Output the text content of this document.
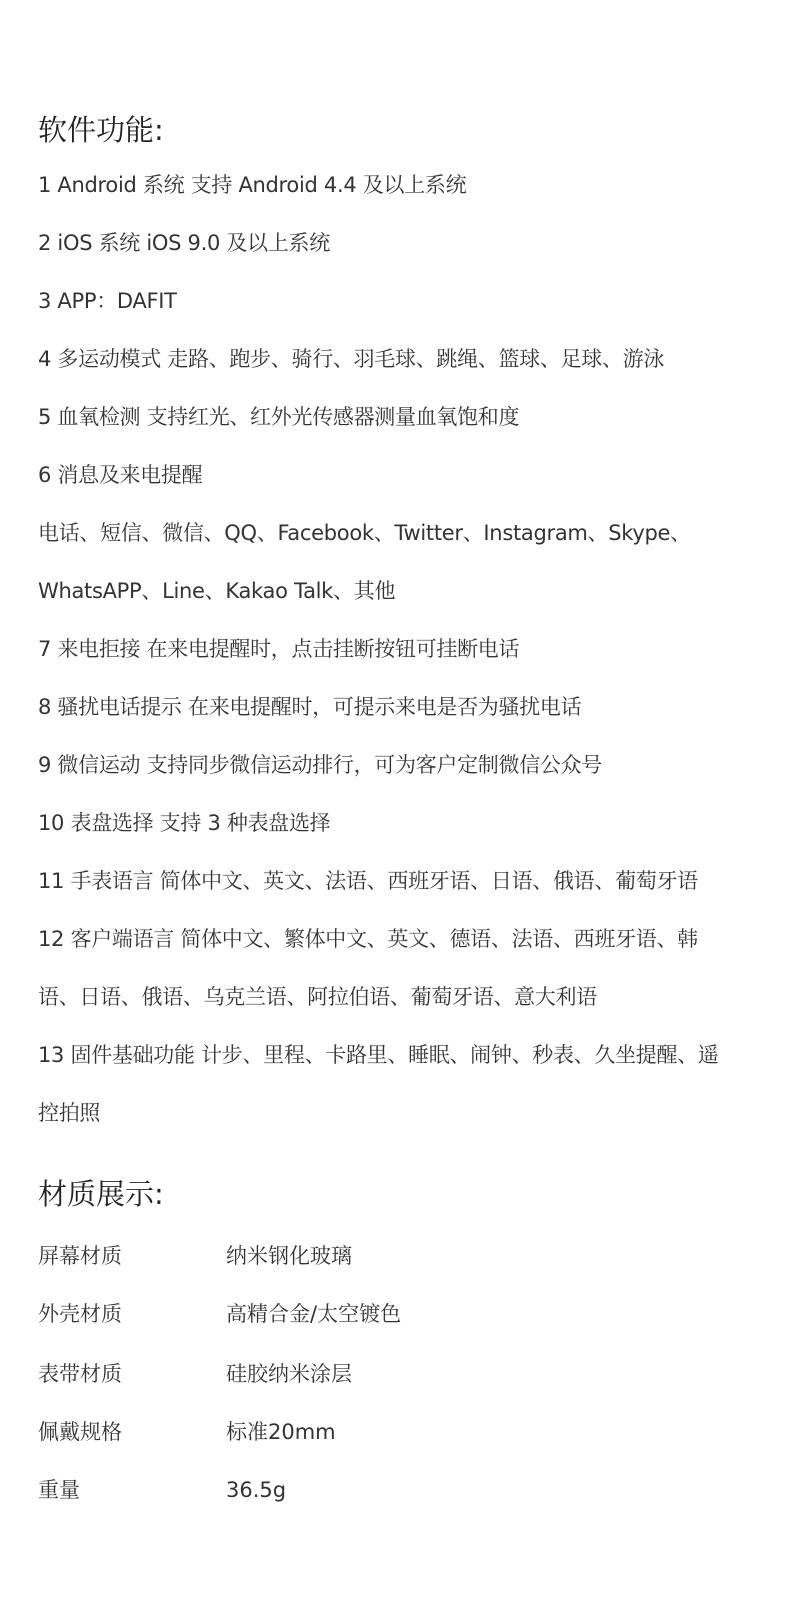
软件功能:
1 Android 系统 支持 Android 4.4 及以上系统
2 iOS 系统 iOS 9.0 及以上系统
3 APP：DAFIT
4 多运动模式 走路、跑步、骑行、羽毛球、跳绳、篮球、足球、游泳
5 血氧检测 支持红光、红外光传感器测量血氧饱和度
6 消息及来电提醒
电话、短信、微信、QQ、Facebook、Twitter、Instagram、Skype、
WhatsAPP、Line、Kakao Talk、其他
7 来电拒接 在来电提醒时，点击挂断按钮可挂断电话
8 骚扰电话提示 在来电提醒时，可提示来电是否为骚扰电话
9 微信运动 支持同步微信运动排行，可为客户定制微信公众号
10 表盘选择 支持 3 种表盘选择
11 手表语言 简体中文、英文、法语、西班牙语、日语、俄语、葡萄牙语
12 客户端语言 简体中文、繁体中文、英文、德语、法语、西班牙语、韩
语、日语、俄语、乌克兰语、阿拉伯语、葡萄牙语、意大利语
13 固件基础功能 计步、里程、卡路里、睡眠、闹钟、秒表、久坐提醒、遥
控拍照
材质展示:
屏幕材质	纳米钢化玻璃
外壳材质	高精合金/太空镀色
表带材质	硅胶纳米涂层
佩戴规格	标准20mm
重量	36.5g
